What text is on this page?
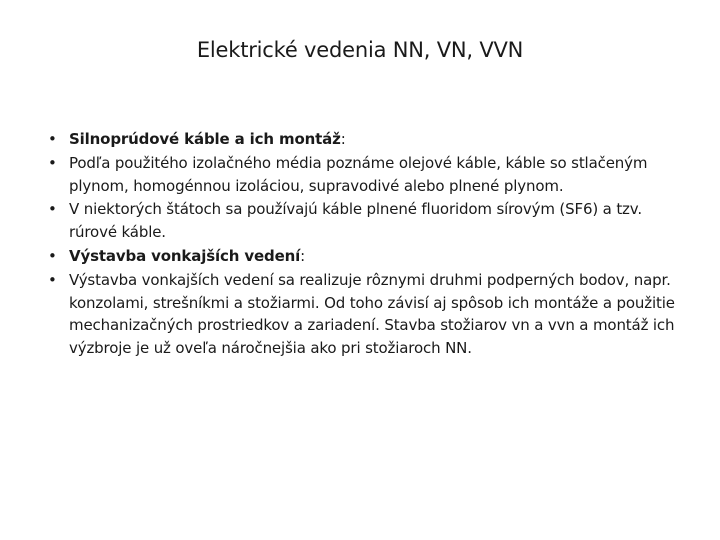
Elektrické vedenia NN, VN, VVN
• Silnoprúdové káble a ich montáž:
• Podľa použitého izolačného média poznáme olejové káble, káble so stlačeným plynom, homogénnou izoláciou, supravodivé alebo plnené plynom.
• V niektorých štátoch sa používajú káble plnené fluoridom sírovým (SF6) a tzv. rúrové káble.
• Výstavba vonkajších vedení:
• Výstavba vonkajších vedení sa realizuje rôznymi druhmi podperných bodov, napr. konzolami, strešníkmi a stožiarmi. Od toho závisí aj spôsob ich montáže a použitie mechanizačných prostriedkov a zariadení. Stavba stožiarov vn a vvn a montáž ich výzbroje je už oveľa náročnejšia ako pri stožiaroch NN.
